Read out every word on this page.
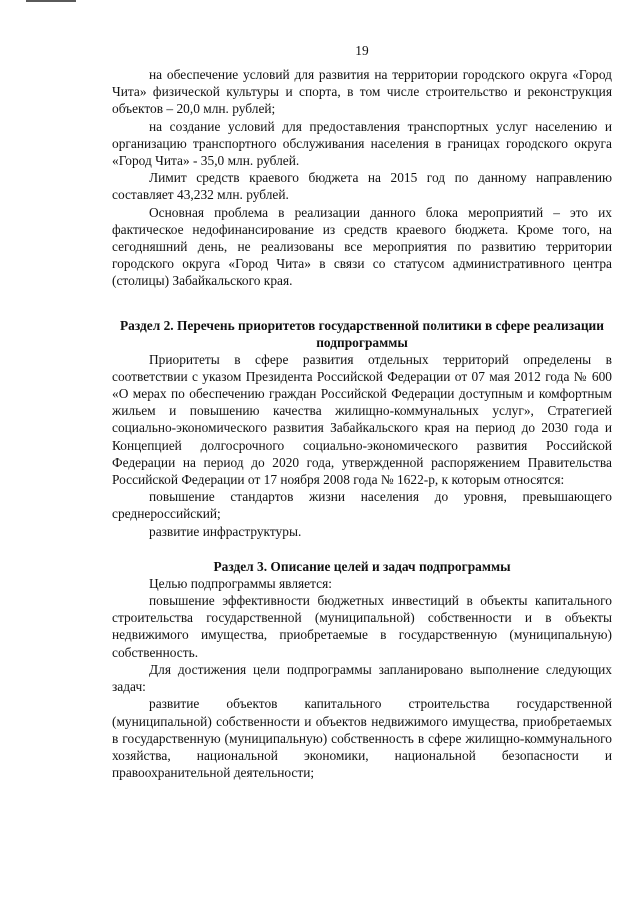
19

на обеспечение условий для развития на территории городского округа «Город Чита» физической культуры и спорта, в том числе строительство и реконструкция объектов – 20,0 млн. рублей;

на создание условий для предоставления транспортных услуг населению и организацию транспортного обслуживания населения в границах городского округа «Город Чита» - 35,0 млн. рублей.

Лимит средств краевого бюджета на 2015 год по данному направлению составляет 43,232 млн. рублей.

Основная проблема в реализации данного блока мероприятий – это их фактическое недофинансирование из средств краевого бюджета. Кроме того, на сегодняшний день, не реализованы все мероприятия по развитию территории городского округа «Город Чита» в связи со статусом административного центра (столицы) Забайкальского края.

Раздел 2. Перечень приоритетов государственной политики в сфере реализации подпрограммы

Приоритеты в сфере развития отдельных территорий определены в соответствии с указом Президента Российской Федерации от 07 мая 2012 года № 600 «О мерах по обеспечению граждан Российской Федерации доступным и комфортным жильем и повышению качества жилищно-коммунальных услуг», Стратегией социально-экономического развития Забайкальского края на период до 2030 года и Концепцией долгосрочного социально-экономического развития Российской Федерации на период до 2020 года, утвержденной распоряжением Правительства Российской Федерации от 17 ноября 2008 года № 1622-р, к которым относятся:

повышение стандартов жизни населения до уровня, превышающего среднероссийский;

развитие инфраструктуры.

Раздел 3. Описание целей и задач подпрограммы

Целью подпрограммы является:

повышение эффективности бюджетных инвестиций в объекты капитального строительства государственной (муниципальной) собственности и в объекты недвижимого имущества, приобретаемые в государственную (муниципальную) собственность.

Для достижения цели подпрограммы запланировано выполнение следующих задач:

развитие объектов капитального строительства государственной (муниципальной) собственности и объектов недвижимого имущества, приобретаемых в государственную (муниципальную) собственность в сфере жилищно-коммунального хозяйства, национальной экономики, национальной безопасности и правоохранительной деятельности;
